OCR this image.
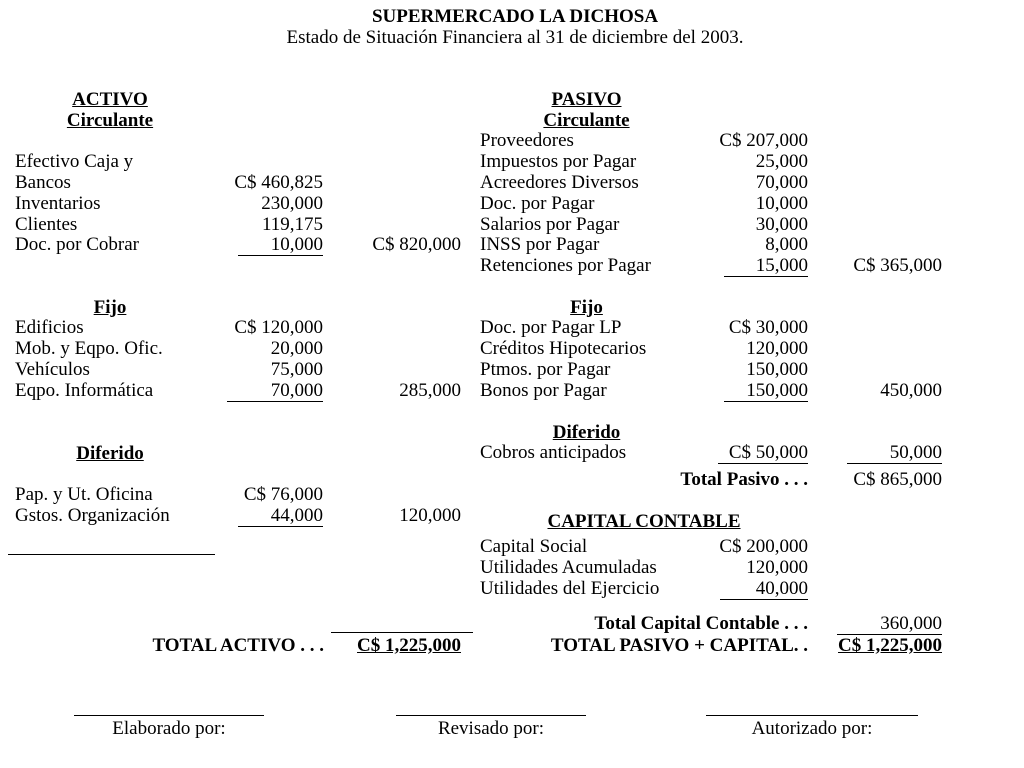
SUPERMERCADO LA DICHOSA
Estado de Situación Financiera al 31 de diciembre del 2003.
ACTIVO
Circulante
Efectivo Caja y
Bancos	C$ 460,825
Inventarios	230,000
Clientes	119,175
Doc. por Cobrar	10,000	C$ 820,000
Fijo
Edificios	C$ 120,000
Mob. y Eqpo. Ofic.	20,000
Vehículos	75,000
Eqpo. Informática	70,000	285,000
Diferido
Pap. y Ut. Oficina	C$ 76,000
Gstos. Organización	44,000	120,000
TOTAL ACTIVO . . .	C$ 1,225,000
PASIVO
Circulante
Proveedores	C$ 207,000
Impuestos por Pagar	25,000
Acreedores Diversos	70,000
Doc. por Pagar	10,000
Salarios por Pagar	30,000
INSS por Pagar	8,000
Retenciones por Pagar	15,000	C$ 365,000
Fijo
Doc. por Pagar LP	C$ 30,000
Créditos Hipotecarios	120,000
Ptmos. por Pagar	150,000
Bonos por Pagar	150,000	450,000
Diferido
Cobros anticipados	C$ 50,000	50,000
Total Pasivo . . .	C$ 865,000
CAPITAL CONTABLE
Capital Social	C$ 200,000
Utilidades Acumuladas	120,000
Utilidades del Ejercicio	40,000
Total Capital Contable . . .	360,000
TOTAL PASIVO + CAPITAL. .	C$ 1,225,000
Elaborado por:	Revisado por:	Autorizado por:
